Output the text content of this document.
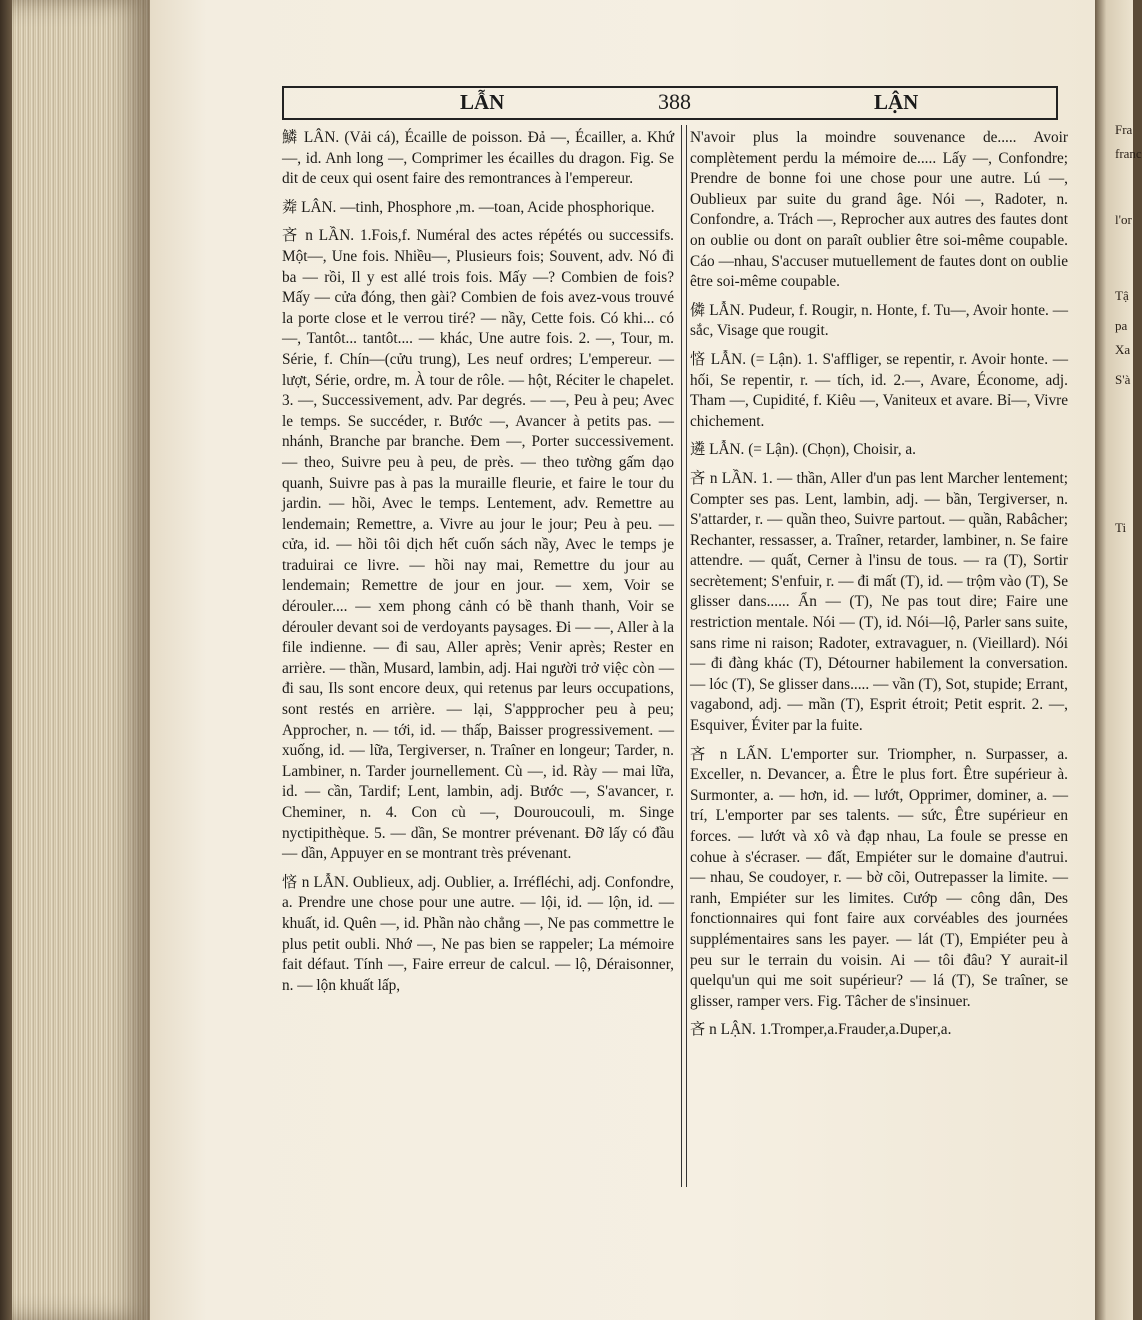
Fra
franc
l'or
Tậ
pa
Xa
S'à
Ti
LẪN	388	LẬN

鱗 LÂN. (Vải cá), Écaille de poisson. Đả —, Écailler, a. Khứ —, id. Anh long —, Comprimer les écailles du dragon. Fig. Se dit de ceux qui osent faire des remontrances à l'empereur.

粦 LÂN. —tinh, Phosphore ,m. —toan, Acide phosphorique.

吝 n LẦN. 1.Fois,f. Numéral des actes répétés ou successifs. Một—, Une fois. Nhiều—, Plusieurs fois; Souvent, adv. Nó đi ba — rồi, Il y est allé trois fois. Mấy —? Combien de fois? Mấy — cửa đóng, then gài? Combien de fois avez-vous trouvé la porte close et le verrou tiré? — nầy, Cette fois. Có khi... có —, Tantôt... tantôt.... — khác, Une autre fois. 2. —, Tour, m. Série, f. Chín—(cửu trung), Les neuf ordres; L'empereur. — lượt, Série, ordre, m. À tour de rôle. — hột, Réciter le chapelet. 3. —, Successivement, adv. Par degrés. — —, Peu à peu; Avec le temps. Se succéder, r. Bước —, Avancer à petits pas. — nhánh, Branche par branche. Đem —, Porter successivement. — theo, Suivre peu à peu, de près. — theo tường gấm dạo quanh, Suivre pas à pas la muraille fleurie, et faire le tour du jardin. — hồi, Avec le temps. Lentement, adv. Remettre au lendemain; Remettre, a. Vivre au jour le jour; Peu à peu. — cửa, id. — hồi tôi dịch hết cuốn sách nầy, Avec le temps je traduirai ce livre. — hồi nay mai, Remettre du jour au lendemain; Remettre de jour en jour. — xem, Voir se dérouler.... — xem phong cảnh có bề thanh thanh, Voir se dérouler devant soi de verdoyants paysages. Đi — —, Aller à la file indienne. — đi sau, Aller après; Venir après; Rester en arrière. — thần, Musard, lambin, adj. Hai người trở việc còn — đi sau, Ils sont encore deux, qui retenus par leurs occupations, sont restés en arrière. — lại, S'appprocher peu à peu; Approcher, n. — tới, id. — thấp, Baisser progressivement. — xuống, id. — lữa, Tergiverser, n. Traîner en longeur; Tarder, n. Lambiner, n. Tarder journellement. Cù —, id. Rày — mai lữa, id. — cần, Tardif; Lent, lambin, adj. Bước —, S'avancer, r. Cheminer, n. 4. Con cù —, Douroucouli, m. Singe nyctipithèque. 5. — dần, Se montrer prévenant. Đỡ lấy có đầu — dần, Appuyer en se montrant très prévenant.

悋 n LẪN. Oublieux, adj. Oublier, a. Irréfléchi, adj. Confondre, a. Prendre une chose pour une autre. — lội, id. — lộn, id. — khuất, id. Quên —, id. Phần nào chẳng —, Ne pas commettre le plus petit oubli. Nhớ —, Ne pas bien se rappeler; La mémoire fait défaut. Tính —, Faire erreur de calcul. — lộ, Déraisonner, n. — lộn khuất lấp,

N'avoir plus la moindre souvenance de..... Avoir complètement perdu la mémoire de..... Lấy —, Confondre; Prendre de bonne foi une chose pour une autre. Lú —, Oublieux par suite du grand âge. Nói —, Radoter, n. Confondre, a. Trách —, Reprocher aux autres des fautes dont on oublie ou dont on paraît oublier être soi-même coupable. Cáo —nhau, S'accuser mutuellement de fautes dont on oublie être soi-même coupable.

僯 LẪN. Pudeur, f. Rougir, n. Honte, f. Tu—, Avoir honte. — sắc, Visage que rougit.

悋 LẪN. (= Lận). 1. S'affliger, se repentir, r. Avoir honte. — hối, Se repentir, r. — tích, id. 2.—, Avare, Économe, adj. Tham —, Cupidité, f. Kiêu —, Vaniteux et avare. Bỉ—, Vivre chichement.

遴 LẪN. (= Lận). (Chọn), Choisir, a.

吝 n LẦN. 1. — thần, Aller d'un pas lent Marcher lentement; Compter ses pas. Lent, lambin, adj. — bần, Tergiverser, n. S'attarder, r. — quần theo, Suivre partout. — quần, Rabâcher; Rechanter, ressasser, a. Traîner, retarder, lambiner, n. Se faire attendre. — quất, Cerner à l'insu de tous. — ra (T), Sortir secrètement; S'enfuir, r. — đi mất (T), id. — trộm vào (T), Se glisser dans...... Ẩn — (T), Ne pas tout dire; Faire une restriction mentale. Nói — (T), id. Nói—lộ, Parler sans suite, sans rime ni raison; Radoter, extravaguer, n. (Vieillard). Nói — đi đàng khác (T), Détourner habilement la conversation. — lóc (T), Se glisser dans..... — vần (T), Sot, stupide; Errant, vagabond, adj. — mần (T), Esprit étroit; Petit esprit. 2. —, Esquiver, Éviter par la fuite.

吝 n LẤN. L'emporter sur. Triompher, n. Surpasser, a. Exceller, n. Devancer, a. Être le plus fort. Être supérieur à. Surmonter, a. — hơn, id. — lướt, Opprimer, dominer, a. — trí, L'emporter par ses talents. — sức, Être supérieur en forces. — lướt và xô và đạp nhau, La foule se presse en cohue à s'écraser. — đất, Empiéter sur le domaine d'autrui. — nhau, Se coudoyer, r. — bờ cõi, Outrepasser la limite. — ranh, Empiéter sur les limites. Cướp — công dân, Des fonctionnaires qui font faire aux corvéables des journées supplémentaires sans les payer. — lát (T), Empiéter peu à peu sur le terrain du voisin. Ai — tôi đâu? Y aurait-il quelqu'un qui me soit supérieur? — lá (T), Se traîner, se glisser, ramper vers. Fig. Tâcher de s'insinuer.

吝 n LẬN. 1.Tromper,a.Frauder,a.Duper,a.
